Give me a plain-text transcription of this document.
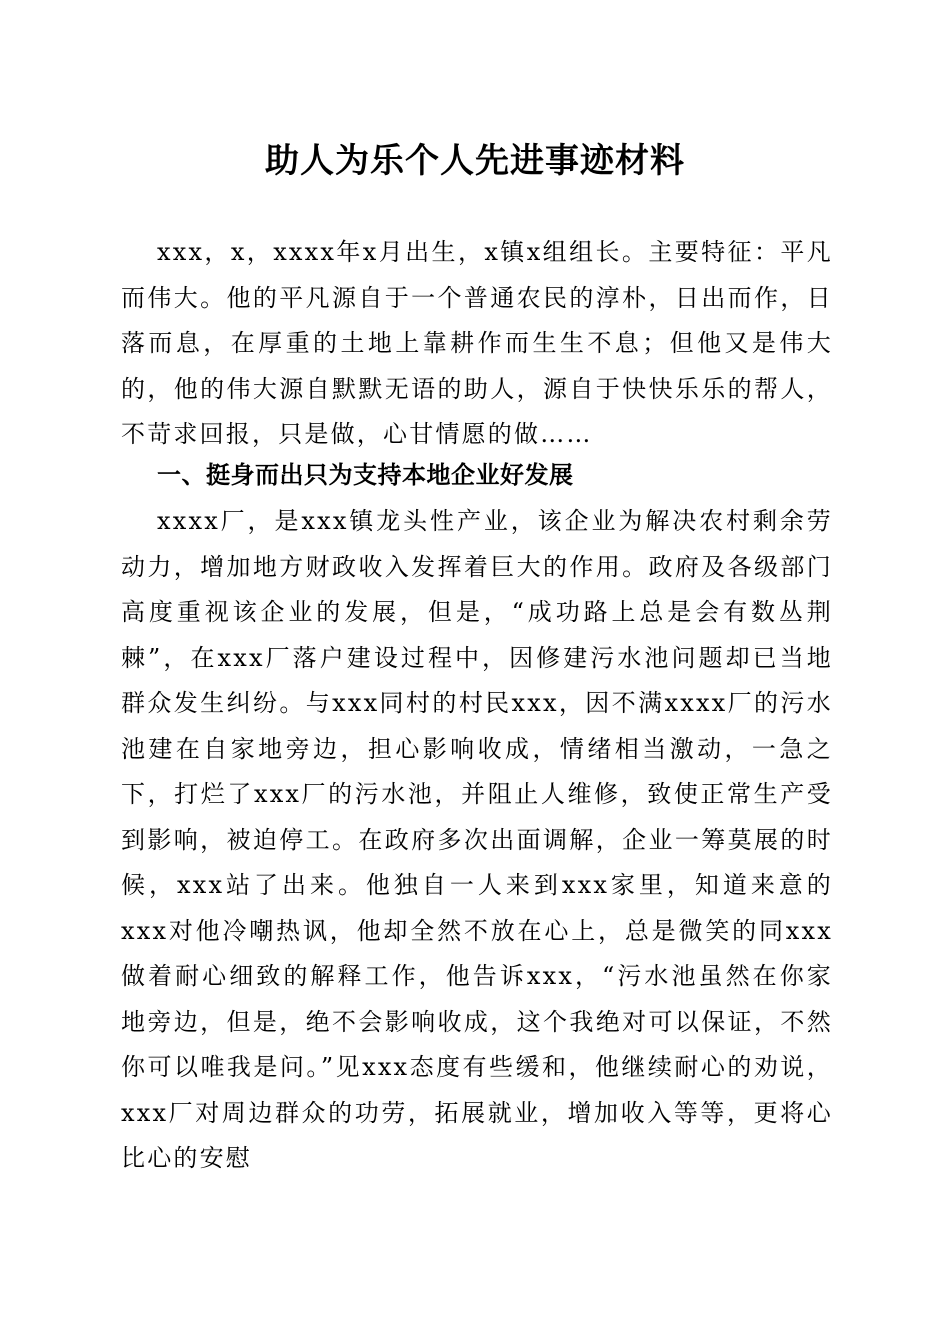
助人为乐个人先进事迹材料

xxx，x，xxxx年x月出生，x镇x组组长。主要特征：平凡而伟大。他的平凡源自于一个普通农民的淳朴，日出而作，日落而息，在厚重的土地上靠耕作而生生不息；但他又是伟大的，他的伟大源自默默无语的助人，源自于快快乐乐的帮人，不苛求回报，只是做，心甘情愿的做……

一、挺身而出只为支持本地企业好发展

xxxx厂，是xxx镇龙头性产业，该企业为解决农村剩余劳动力，增加地方财政收入发挥着巨大的作用。政府及各级部门高度重视该企业的发展，但是，“成功路上总是会有数丛荆棘”，在xxx厂落户建设过程中，因修建污水池问题却已当地群众发生纠纷。与xxx同村的村民xxx，因不满xxxx厂的污水池建在自家地旁边，担心影响收成，情绪相当激动，一急之下，打烂了xxx厂的污水池，并阻止人维修，致使正常生产受到影响，被迫停工。在政府多次出面调解，企业一筹莫展的时候，xxx站了出来。他独自一人来到xxx家里，知道来意的xxx对他冷嘲热讽，他却全然不放在心上，总是微笑的同xxx做着耐心细致的解释工作，他告诉xxx，“污水池虽然在你家地旁边，但是，绝不会影响收成，这个我绝对可以保证，不然你可以唯我是问。”见xxx态度有些缓和，他继续耐心的劝说，xxx厂对周边群众的功劳，拓展就业，增加收入等等，更将心比心的安慰
